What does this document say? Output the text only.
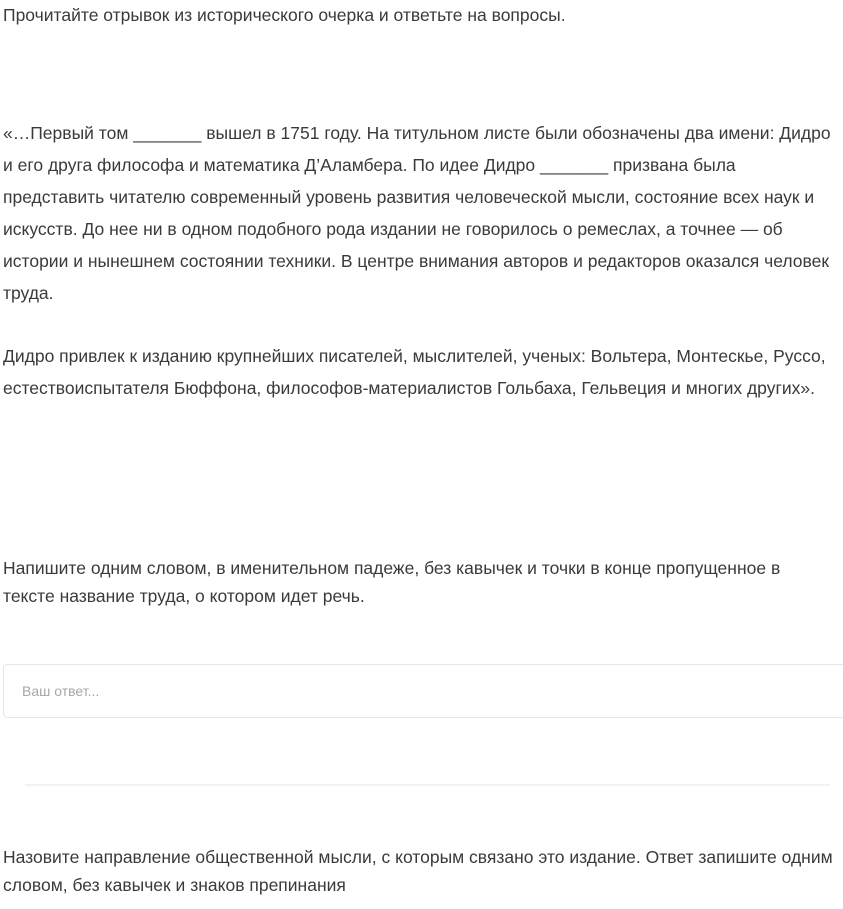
Прочитайте отрывок из исторического очерка и ответьте на вопросы.

«…Первый том _______ вышел в 1751 году. На титульном листе были обозначены два имени: Дидро и его друга философа и математика Д’Аламбера. По идее Дидро _______ призвана была представить читателю современный уровень развития человеческой мысли, состояние всех наук и искусств. До нее ни в одном подобного рода издании не говорилось о ремеслах, а точнее — об истории и нынешнем состоянии техники. В центре внимания авторов и редакторов оказался человек труда.

Дидро привлек к изданию крупнейших писателей, мыслителей, ученых: Вольтера, Монтескье, Руссо, естествоиспытателя Бюффона, философов-материалистов Гольбаха, Гельвеция и многих других».

Напишите одним словом, в именительном падеже, без кавычек и точки в конце пропущенное в тексте название труда, о котором идет речь.

Ваш ответ...

Назовите направление общественной мысли, с которым связано это издание. Ответ запишите одним словом, без кавычек и знаков препинания
